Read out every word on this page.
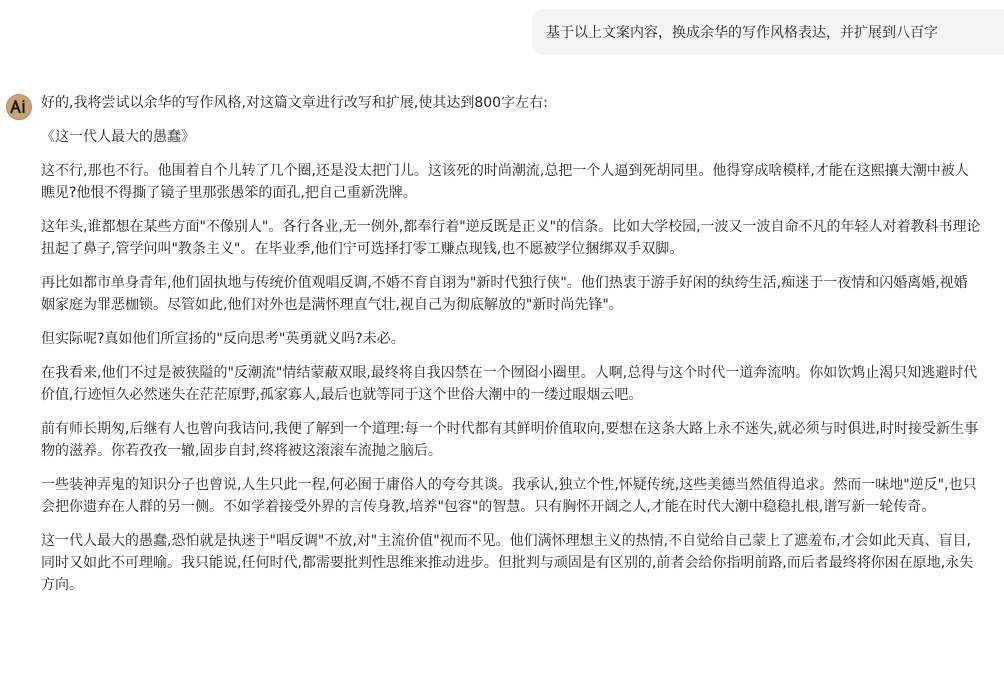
基于以上文案内容，换成余华的写作风格表达，并扩展到八百字

好的,我将尝试以余华的写作风格,对这篇文章进行改写和扩展,使其达到800字左右:

《这一代人最大的愚蠢》

这不行,那也不行。他围着自个儿转了几个圈,还是没太把门儿。这该死的时尚潮流,总把一个人逼到死胡同里。他得穿成啥模样,才能在这熙攘大潮中被人瞧见?他恨不得撕了镜子里那张愚笨的面孔,把自己重新洗牌。

这年头,谁都想在某些方面"不像别人"。各行各业,无一例外,都奉行着"逆反既是正义"的信条。比如大学校园,一波又一波自命不凡的年轻人对着教科书理论扭起了鼻子,管学问叫"教条主义"。在毕业季,他们宁可选择打零工赚点现钱,也不愿被学位捆绑双手双脚。

再比如都市单身青年,他们固执地与传统价值观唱反调,不婚不育自诩为"新时代独行侠"。他们热衷于游手好闲的纨绔生活,痴迷于一夜情和闪婚离婚,视婚姻家庭为罪恶枷锁。尽管如此,他们对外也是满怀理直气壮,视自己为彻底解放的"新时尚先锋"。

但实际呢?真如他们所宣扬的"反向思考"英勇就义吗?未必。

在我看来,他们不过是被狭隘的"反潮流"情结蒙蔽双眼,最终将自我囚禁在一个囫囵小圈里。人啊,总得与这个时代一道奔流呐。你如饮鸩止渴只知逃避时代价值,行迹恒久必然迷失在茫茫原野,孤家寡人,最后也就等同于这个世俗大潮中的一缕过眼烟云吧。

前有师长期匆,后继有人也曾向我诘问,我便了解到一个道理:每一个时代都有其鲜明价值取向,要想在这条大路上永不迷失,就必须与时俱进,时时接受新生事物的滋养。你若孜孜一辙,固步自封,终将被这滚滚车流抛之脑后。

一些装神弄鬼的知识分子也曾说,人生只此一程,何必囿于庸俗人的夸夸其谈。我承认,独立个性,怀疑传统,这些美德当然值得追求。然而一味地"逆反",也只会把你遗弃在人群的另一侧。不如学着接受外界的言传身教,培养"包容"的智慧。只有胸怀开阔之人,才能在时代大潮中稳稳扎根,谱写新一轮传奇。

这一代人最大的愚蠢,恐怕就是执迷于"唱反调"不放,对"主流价值"视而不见。他们满怀理想主义的热情,不自觉给自己蒙上了遮羞布,才会如此天真、盲目,同时又如此不可理喻。我只能说,任何时代,都需要批判性思维来推动进步。但批判与顽固是有区别的,前者会给你指明前路,而后者最终将你困在原地,永失方向。
